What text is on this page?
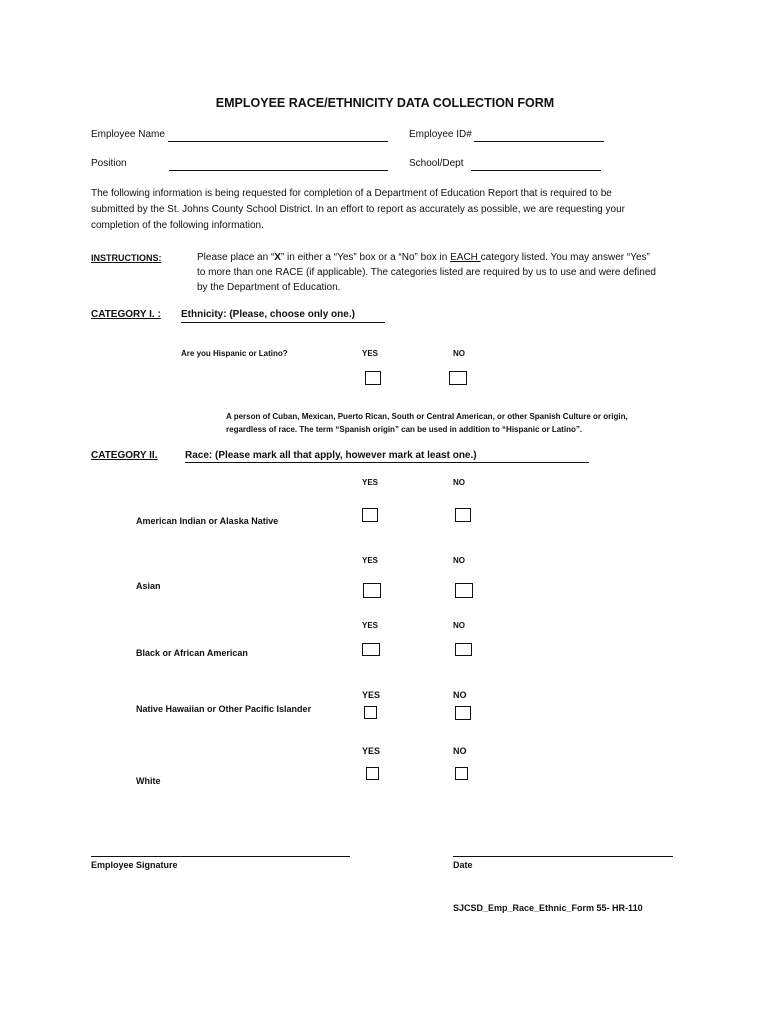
EMPLOYEE RACE/ETHNICITY DATA COLLECTION FORM
Employee Name	Employee ID#
Position	School/Dept
The following information is being requested for completion of a Department of Education Report that is required to be
submitted by the St. Johns County School District. In an effort to report as accurately as possible, we are requesting your
completion of the following information.
INSTRUCTIONS:	Please place an “X” in either a “Yes” box or a “No” box in EACH category listed. You may answer “Yes”
to more than one RACE (if applicable). The categories listed are required by us to use and were defined
by the Department of Education.
CATEGORY I. : Ethnicity: (Please, choose only one.)
Are you Hispanic or Latino?	YES	NO
A person of Cuban, Mexican, Puerto Rican, South or Central American, or other Spanish Culture or origin,
regardless of race. The term “Spanish origin” can be used in addition to “Hispanic or Latino”.
CATEGORY II.	Race: (Please mark all that apply, however mark at least one.)
YES	NO
American Indian or Alaska Native
YES	NO
Asian
YES	NO
Black or African American
YES	NO
Native Hawaiian or Other Pacific Islander
YES	NO
White
Employee Signature	Date
SJCSD_Emp_Race_Ethnic_Form 55- HR-110
